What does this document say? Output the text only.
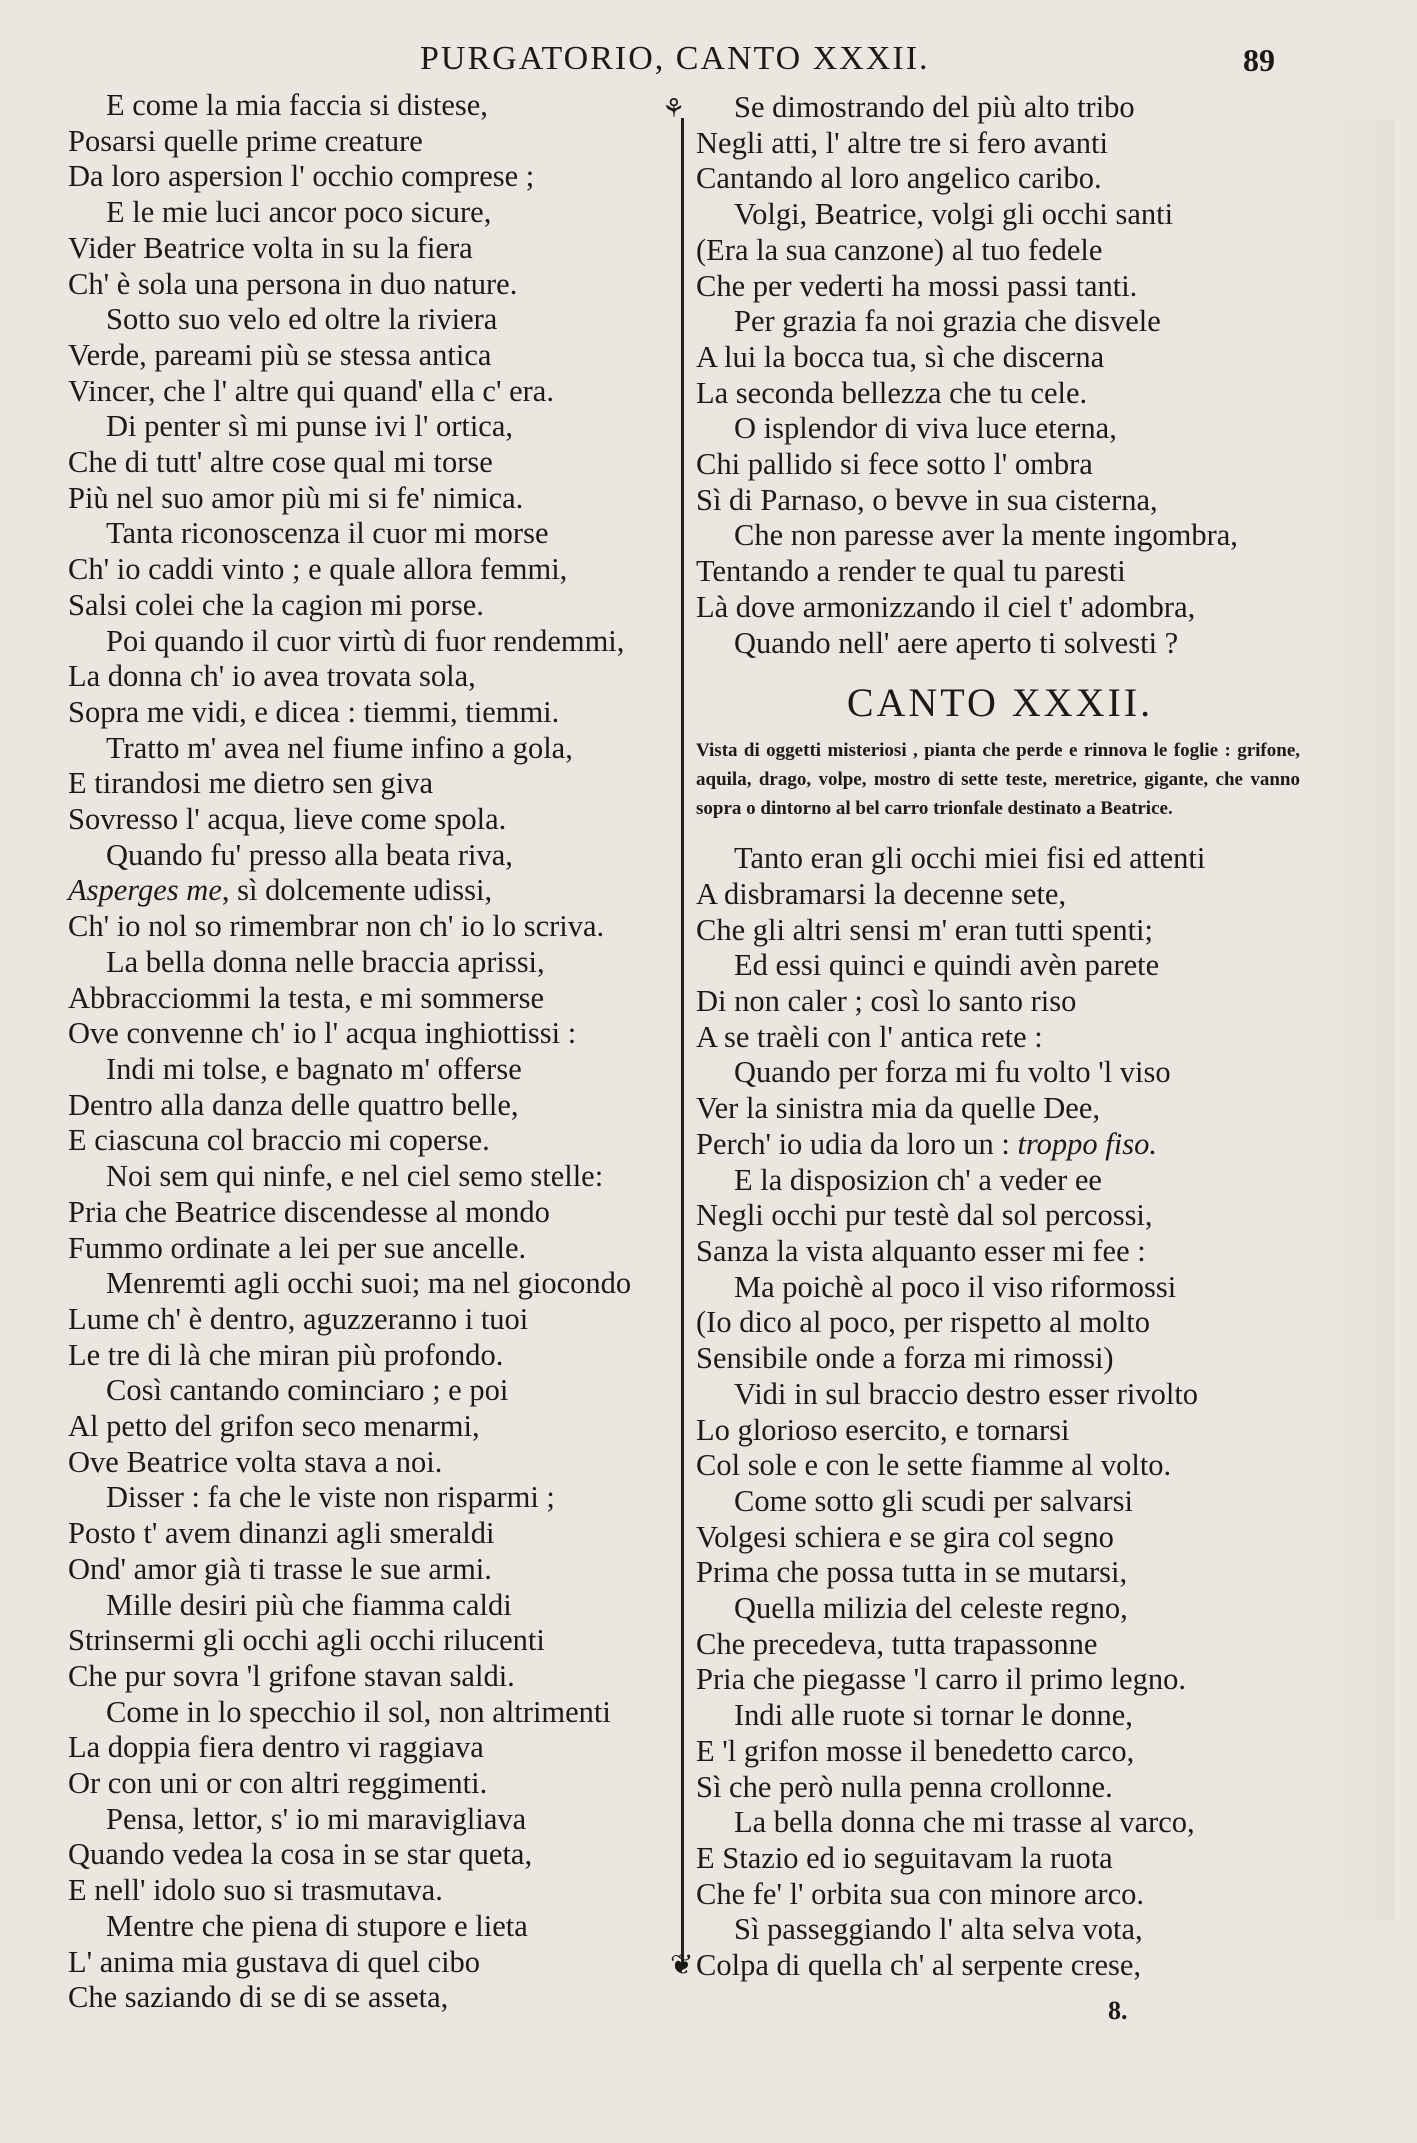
PURGATORIO, CANTO XXXII.	89
E come la mia faccia si distese,
Posarsi quelle prime creature
Da loro aspersion l' occhio comprese ;
E le mie luci ancor poco sicure,
Vider Beatrice volta in su la fiera
Ch' è sola una persona in duo nature.
Sotto suo velo ed oltre la riviera
Verde, pareami più se stessa antica
Vincer, che l' altre qui quand' ella c' era.
Di penter sì mi punse ivi l' ortica,
Che di tutt' altre cose qual mi torse
Più nel suo amor più mi si fe' nimica.
Tanta riconoscenza il cuor mi morse
Ch' io caddi vinto ; e quale allora femmi,
Salsi colei che la cagion mi porse.
Poi quando il cuor virtù di fuor rendemmi,
La donna ch' io avea trovata sola,
Sopra me vidi, e dicea : tiemmi, tiemmi.
Tratto m' avea nel fiume infino a gola,
E tirandosi me dietro sen giva
Sovresso l' acqua, lieve come spola.
Quando fu' presso alla beata riva,
Asperges me, sì dolcemente udissi,
Ch' io nol so rimembrar non ch' io lo scriva.
La bella donna nelle braccia aprissi,
Abbracciommi la testa, e mi sommerse
Ove convenne ch' io l' acqua inghiottissi :
Indi mi tolse, e bagnato m' offerse
Dentro alla danza delle quattro belle,
E ciascuna col braccio mi coperse.
Noi sem qui ninfe, e nel ciel semo stelle:
Pria che Beatrice discendesse al mondo
Fummo ordinate a lei per sue ancelle.
Menremti agli occhi suoi; ma nel giocondo
Lume ch' è dentro, aguzzeranno i tuoi
Le tre di là che miran più profondo.
Così cantando cominciaro ; e poi
Al petto del grifon seco menarmi,
Ove Beatrice volta stava a noi.
Disser : fa che le viste non risparmi ;
Posto t' avem dinanzi agli smeraldi
Ond' amor già ti trasse le sue armi.
Mille desiri più che fiamma caldi
Strinsermi gli occhi agli occhi rilucenti
Che pur sovra 'l grifone stavan saldi.
Come in lo specchio il sol, non altrimenti
La doppia fiera dentro vi raggiava
Or con uni or con altri reggimenti.
Pensa, lettor, s' io mi maravigliava
Quando vedea la cosa in se star queta,
E nell' idolo suo si trasmutava.
Mentre che piena di stupore e lieta
L' anima mia gustava di quel cibo
Che saziando di se di se asseta,
⚘
❦
Se dimostrando del più alto tribo
Negli atti, l' altre tre si fero avanti
Cantando al loro angelico caribo.
Volgi, Beatrice, volgi gli occhi santi
(Era la sua canzone) al tuo fedele
Che per vederti ha mossi passi tanti.
Per grazia fa noi grazia che disvele
A lui la bocca tua, sì che discerna
La seconda bellezza che tu cele.
O isplendor di viva luce eterna,
Chi pallido si fece sotto l' ombra
Sì di Parnaso, o bevve in sua cisterna,
Che non paresse aver la mente ingombra,
Tentando a render te qual tu paresti
Là dove armonizzando il ciel t' adombra,
Quando nell' aere aperto ti solvesti ?
CANTO XXXII.
Vista di oggetti misteriosi , pianta che perde e rinnova le foglie : grifone, aquila, drago, volpe, mostro di sette teste, meretrice, gigante, che vanno sopra o dintorno al bel carro trionfale destinato a Beatrice.
Tanto eran gli occhi miei fisi ed attenti
A disbramarsi la decenne sete,
Che gli altri sensi m' eran tutti spenti;
Ed essi quinci e quindi avèn parete
Di non caler ; così lo santo riso
A se traèli con l' antica rete :
Quando per forza mi fu volto 'l viso
Ver la sinistra mia da quelle Dee,
Perch' io udia da loro un : troppo fiso.
E la disposizion ch' a veder ee
Negli occhi pur testè dal sol percossi,
Sanza la vista alquanto esser mi fee :
Ma poichè al poco il viso riformossi
(Io dico al poco, per rispetto al molto
Sensibile onde a forza mi rimossi)
Vidi in sul braccio destro esser rivolto
Lo glorioso esercito, e tornarsi
Col sole e con le sette fiamme al volto.
Come sotto gli scudi per salvarsi
Volgesi schiera e se gira col segno
Prima che possa tutta in se mutarsi,
Quella milizia del celeste regno,
Che precedeva, tutta trapassonne
Pria che piegasse 'l carro il primo legno.
Indi alle ruote si tornar le donne,
E 'l grifon mosse il benedetto carco,
Sì che però nulla penna crollonne.
La bella donna che mi trasse al varco,
E Stazio ed io seguitavam la ruota
Che fe' l' orbita sua con minore arco.
Sì passeggiando l' alta selva vota,
Colpa di quella ch' al serpente crese,
8.
